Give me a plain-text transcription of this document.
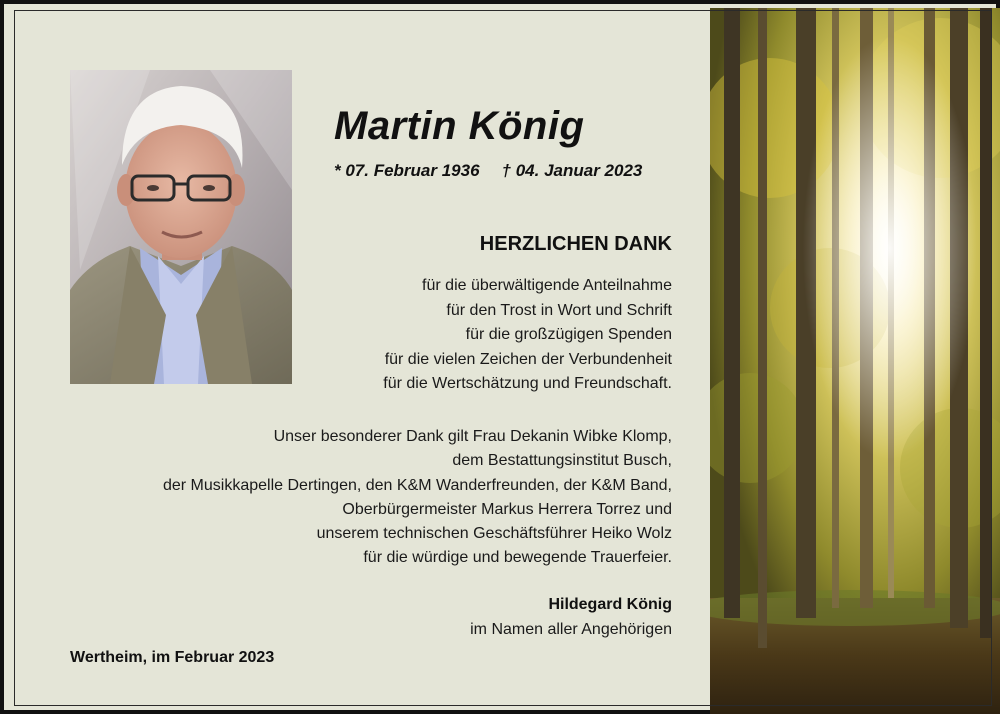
Martin König
* 07. Februar 1936 † 04. Januar 2023
HERZLICHEN DANK
für die überwältigende Anteilnahme
für den Trost in Wort und Schrift
für die großzügigen Spenden
für die vielen Zeichen der Verbundenheit
für die Wertschätzung und Freundschaft.
Unser besonderer Dank gilt Frau Dekanin Wibke Klomp,
dem Bestattungsinstitut Busch,
der Musikkapelle Dertingen, den K&M Wanderfreunden, der K&M Band,
Oberbürgermeister Markus Herrera Torrez und
unserem technischen Geschäftsführer Heiko Wolz
für die würdige und bewegende Trauerfeier.
Hildegard König
im Namen aller Angehörigen
Wertheim, im Februar 2023
